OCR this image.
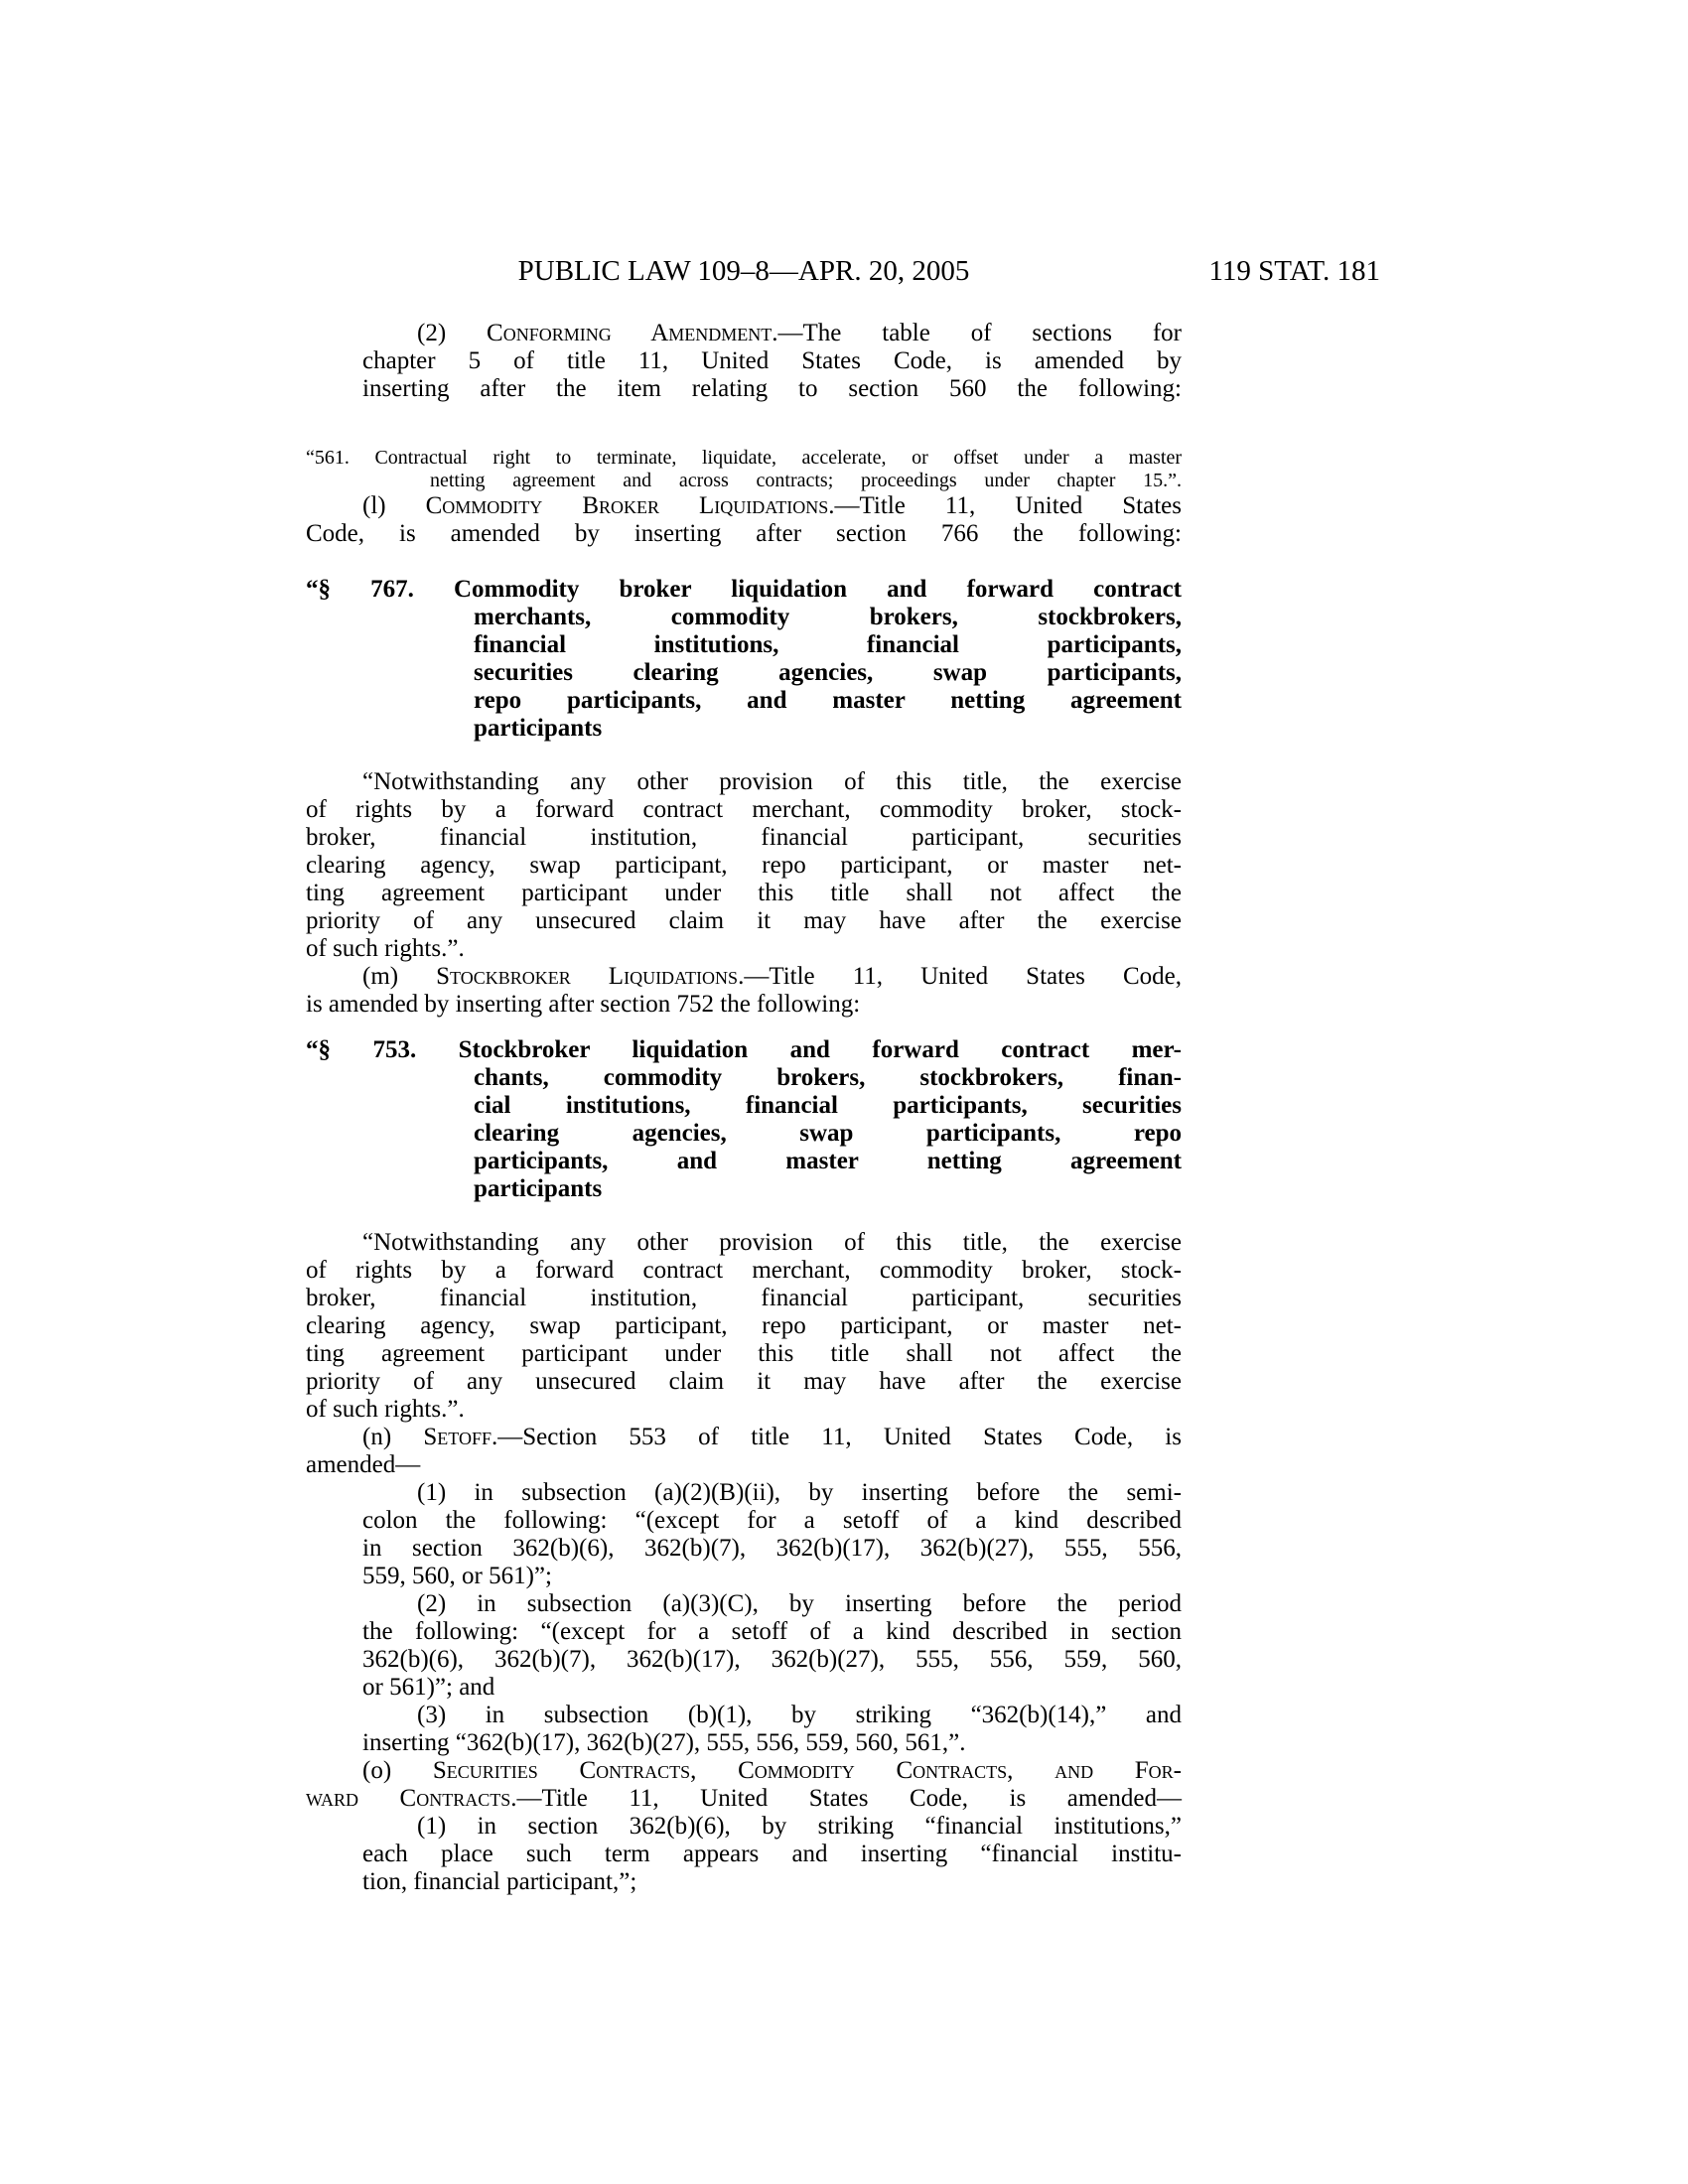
PUBLIC LAW 109–8—APR. 20, 2005	119 STAT. 181
(2) Conforming Amendment.—The table of sections for
chapter 5 of title 11, United States Code, is amended by
inserting after the item relating to section 560 the following:
“561. Contractual right to terminate, liquidate, accelerate, or offset under a master
netting agreement and across contracts; proceedings under chapter 15.”.
(l) Commodity Broker Liquidations.—Title 11, United States
Code, is amended by inserting after section 766 the following:
“§ 767. Commodity broker liquidation and forward contract
merchants, commodity brokers, stockbrokers,
financial institutions, financial participants,
securities clearing agencies, swap participants,
repo participants, and master netting agreement
participants
“Notwithstanding any other provision of this title, the exercise
of rights by a forward contract merchant, commodity broker, stock-
broker, financial institution, financial participant, securities
clearing agency, swap participant, repo participant, or master net-
ting agreement participant under this title shall not affect the
priority of any unsecured claim it may have after the exercise
of such rights.”.
(m) Stockbroker Liquidations.—Title 11, United States Code,
is amended by inserting after section 752 the following:
“§ 753. Stockbroker liquidation and forward contract mer-
chants, commodity brokers, stockbrokers, finan-
cial institutions, financial participants, securities
clearing agencies, swap participants, repo
participants, and master netting agreement
participants
“Notwithstanding any other provision of this title, the exercise
of rights by a forward contract merchant, commodity broker, stock-
broker, financial institution, financial participant, securities
clearing agency, swap participant, repo participant, or master net-
ting agreement participant under this title shall not affect the
priority of any unsecured claim it may have after the exercise
of such rights.”.
(n) Setoff.—Section 553 of title 11, United States Code, is
amended—
(1) in subsection (a)(2)(B)(ii), by inserting before the semi-
colon the following: “(except for a setoff of a kind described
in section 362(b)(6), 362(b)(7), 362(b)(17), 362(b)(27), 555, 556,
559, 560, or 561)”;
(2) in subsection (a)(3)(C), by inserting before the period
the following: “(except for a setoff of a kind described in section
362(b)(6), 362(b)(7), 362(b)(17), 362(b)(27), 555, 556, 559, 560,
or 561)”; and
(3) in subsection (b)(1), by striking “362(b)(14),” and
inserting “362(b)(17), 362(b)(27), 555, 556, 559, 560, 561,”.
(o) Securities Contracts, Commodity Contracts, and For-
ward Contracts.—Title 11, United States Code, is amended—
(1) in section 362(b)(6), by striking “financial institutions,”
each place such term appears and inserting “financial institu-
tion, financial participant,”;
